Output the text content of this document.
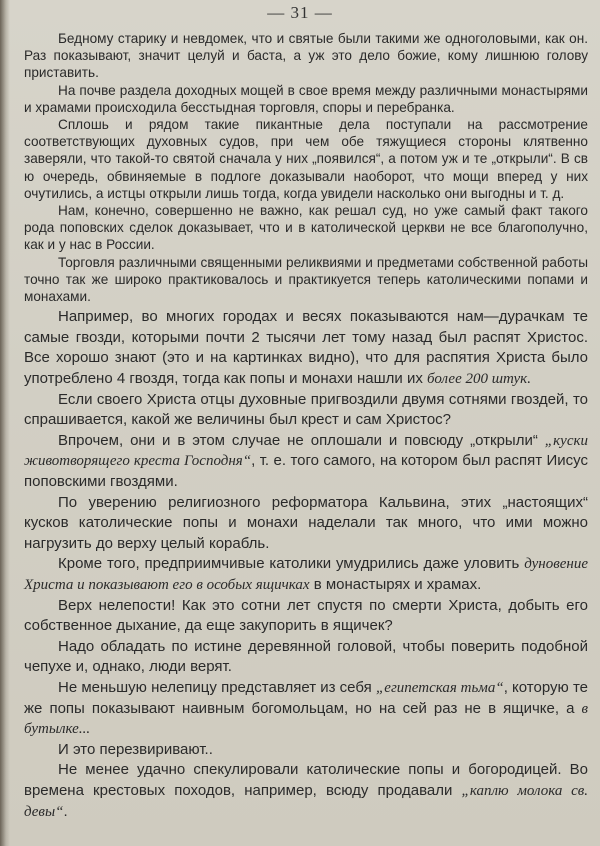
— 31 —

Бедному старику и невдомек, что и святые были такими же одноголовыми, как он. Раз показывают, значит целуй и баста, а уж это дело божие, кому лишнюю голову приставить.

На почве раздела доходных мощей в свое время между различными монастырями и храмами происходила бесстыдная торговля, споры и перебранка.

Сплошь и рядом такие пикантные дела поступали на рассмотрение соответствующих духовных судов, при чем обе тяжущиеся стороны клятвенно заверяли, что такой-то святой сначала у них „появился“, а потом уж и те „открыли“. В св ю очередь, обвиняемые в подлоге доказывали наоборот, что мощи вперед у них очутились, а истцы открыли лишь тогда, когда увидели насколько они выгодны и т. д.

Нам, конечно, совершенно не важно, как решал суд, но уже самый факт такого рода поповских сделок доказывает, что и в католической церкви не все благополучно, как и у нас в России.

Торговля различными священными реликвиями и предметами собственной работы точно так же широко практиковалось и практикуется теперь католическими попами и монахами.

Например, во многих городах и весях показываются нам—дурачкам те самые гвозди, которыми почти 2 тысячи лет тому назад был распят Христос. Все хорошо знают (это и на картинках видно), что для распятия Христа было употреблено 4 гвоздя, тогда как попы и монахи нашли их более 200 штук.

Если своего Христа отцы духовные пригвоздили двумя сотнями гвоздей, то спрашивается, какой же величины был крест и сам Христос?

Впрочем, они и в этом случае не оплошали и повсюду „открыли“ „куски животворящего креста Господня“, т. е. того самого, на котором был распят Иисус поповскими гвоздями.

По уверению религиозного реформатора Кальвина, этих „настоящих“ кусков католические попы и монахи наделали так много, что ими можно нагрузить до верху целый корабль.

Кроме того, предприимчивые католики умудрились даже уловить дуновение Христа и показывают его в особых ящичках в монастырях и храмах.

Верх нелепости! Как это сотни лет спустя по смерти Христа, добыть его собственное дыхание, да еще закупорить в ящичек?

Надо обладать по истине деревянной головой, чтобы поверить подобной чепухе и, однако, люди верят.

Не меньшую нелепицу представляет из себя „египетская тьма“, которую те же попы показывают наивным богомольцам, но на сей раз не в ящичке, а в бутылке...

И это перезвиривают..

Не менее удачно спекулировали католические попы и богородицей. Во времена крестовых походов, например, всюду продавали „каплю молока св. девы“.
